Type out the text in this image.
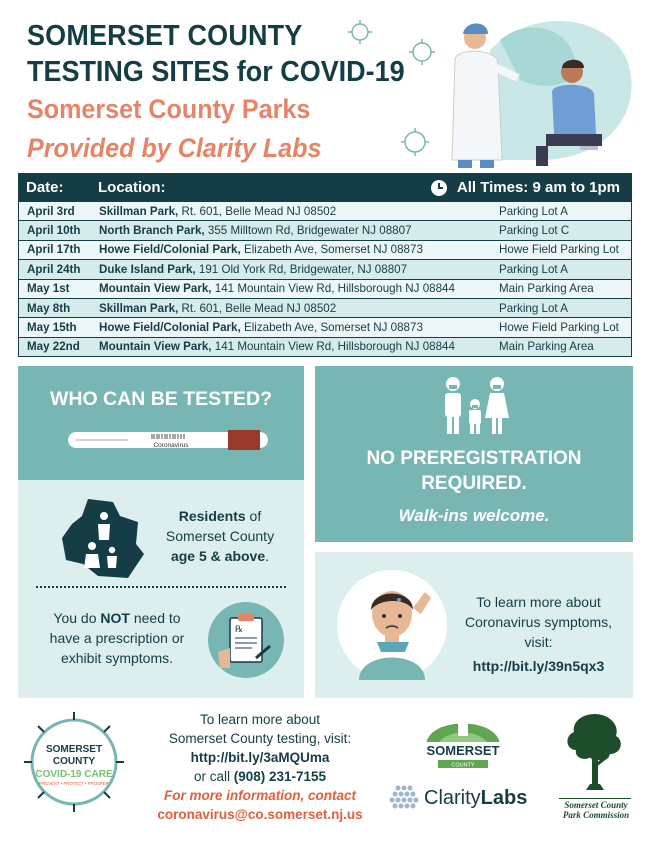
SOMERSET COUNTY
TESTING SITES for COVID-19
Somerset County Parks
Provided by Clarity Labs
Date:	Location:	All Times: 9 am to 1pm
April 3rd	Skillman Park, Rt. 601, Belle Mead NJ 08502	Parking Lot A
April 10th	North Branch Park, 355 Milltown Rd, Bridgewater NJ 08807	Parking Lot C
April 17th	Howe Field/Colonial Park, Elizabeth Ave, Somerset NJ 08873	Howe Field Parking Lot
April 24th	Duke Island Park, 191 Old York Rd, Bridgewater, NJ 08807	Parking Lot A
May 1st	Mountain View Park, 141 Mountain View Rd, Hillsborough NJ 08844	Main Parking Area
May 8th	Skillman Park, Rt. 601, Belle Mead NJ 08502	Parking Lot A
May 15th	Howe Field/Colonial Park, Elizabeth Ave, Somerset NJ 08873	Howe Field Parking Lot
May 22nd	Mountain View Park, 141 Mountain View Rd, Hillsborough NJ 08844	Main Parking Area
WHO CAN BE TESTED?
Coronavirus
Residents of
Somerset County
age 5 & above.
You do NOT need to
have a prescription or
exhibit symptoms.
℞
NO PREREGISTRATION
REQUIRED.
Walk-ins welcome.
To learn more about
Coronavirus symptoms,
visit:
http://bit.ly/39n5qx3
SOMERSET
COUNTY
COVID-19 CARE
PREVENT • PROTECT • PROSPER
To learn more about
Somerset County testing, visit:
http://bit.ly/3aMQUma
or call (908) 231-7155
For more information, contact
coronavirus@co.somerset.nj.us
SOMERSET
COUNTY
ClarityLabs	Somerset County
Park Commission
